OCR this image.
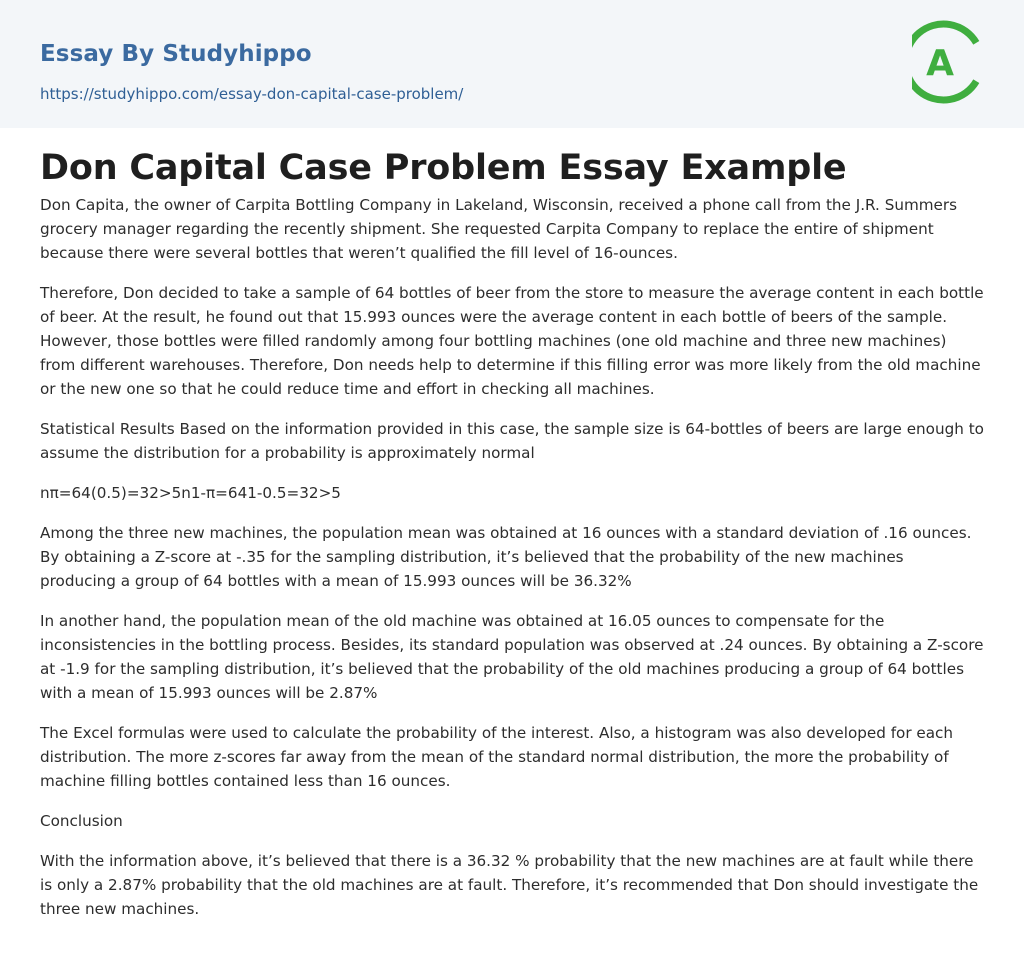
Essay By Studyhippo
https://studyhippo.com/essay-don-capital-case-problem/
A
Don Capital Case Problem Essay Example

Don Capita, the owner of Carpita Bottling Company in Lakeland, Wisconsin, received a phone call from the J.R. Summers grocery manager regarding the recently shipment. She requested Carpita Company to replace the entire of shipment because there were several bottles that weren’t qualified the fill level of 16-ounces.

Therefore, Don decided to take a sample of 64 bottles of beer from the store to measure the average content in each bottle of beer. At the result, he found out that 15.993 ounces were the average content in each bottle of beers of the sample. However, those bottles were filled randomly among four bottling machines (one old machine and three new machines) from different warehouses. Therefore, Don needs help to determine if this filling error was more likely from the old machine or the new one so that he could reduce time and effort in checking all machines.

Statistical Results Based on the information provided in this case, the sample size is 64-bottles of beers are large enough to assume the distribution for a probability is approximately normal

nπ=64(0.5)=32>5n1-π=641-0.5=32>5

Among the three new machines, the population mean was obtained at 16 ounces with a standard deviation of .16 ounces. By obtaining a Z-score at -.35 for the sampling distribution, it’s believed that the probability of the new machines producing a group of 64 bottles with a mean of 15.993 ounces will be 36.32%

In another hand, the population mean of the old machine was obtained at 16.05 ounces to compensate for the inconsistencies in the bottling process. Besides, its standard population was observed at .24 ounces. By obtaining a Z-score at -1.9 for the sampling distribution, it’s believed that the probability of the old machines producing a group of 64 bottles with a mean of 15.993 ounces will be 2.87%

The Excel formulas were used to calculate the probability of the interest. Also, a histogram was also developed for each distribution. The more z-scores far away from the mean of the standard normal distribution, the more the probability of machine filling bottles contained less than 16 ounces.

Conclusion

With the information above, it’s believed that there is a 36.32 % probability that the new machines are at fault while there is only a 2.87% probability that the old machines are at fault. Therefore, it’s recommended that Don should investigate the three new machines.
